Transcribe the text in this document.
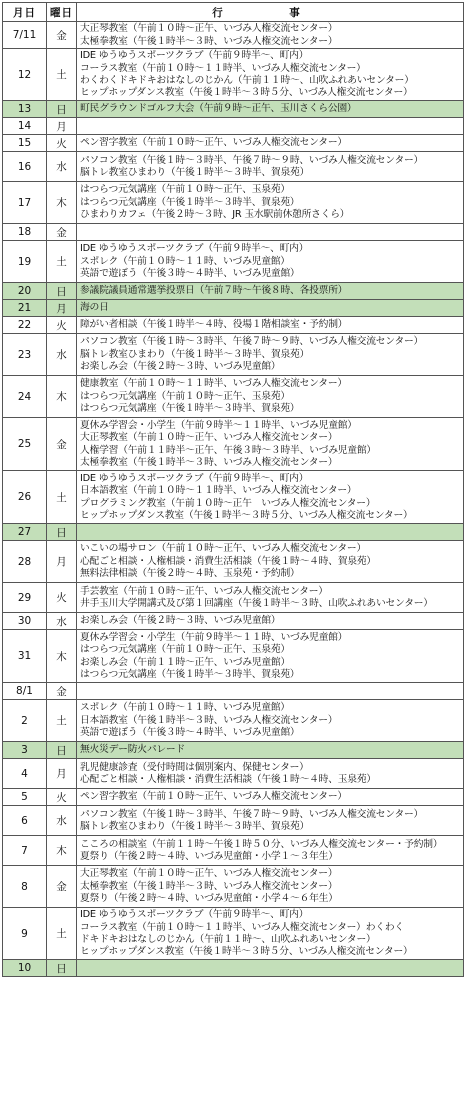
月日	曜日	行　事
7/11	金	大正琴教室（午前１０時〜正午、いづみ人権交流センター）
太極拳教室（午後１時半〜３時、いづみ人権交流センター）

12	土	IDE ゆうゆうスポーツクラブ（午前９時半〜、町内）
コーラス教室（午前１０時〜１１時半、いづみ人権交流センター）
わくわくドキドキおはなしのじかん（午前１１時〜、山吹ふれあいセンター）
ヒップホップダンス教室（午後１時半〜３時５分、いづみ人権交流センター）

13	日	町民グラウンドゴルフ大会（午前９時〜正午、玉川さくら公園）

14	月	
15	火	ペン習字教室（午前１０時〜正午、いづみ人権交流センター）

16	水	パソコン教室（午後１時〜３時半、午後７時〜９時、いづみ人権交流センター）
脳トレ教室ひまわり（午後１時半〜３時半、賀泉苑）

17	木	はつらつ元気講座（午前１０時〜正午、玉泉苑）
はつらつ元気講座（午後１時半〜３時半、賀泉苑）
ひまわりカフェ（午後２時〜３時、JR 玉水駅前休憩所さくら）

18	金	
19	土	IDE ゆうゆうスポーツクラブ（午前９時半〜、町内）
スポレク（午前１０時〜１１時、いづみ児童館）
英語で遊ぼう（午後３時〜４時半、いづみ児童館）

20	日	参議院議員通常選挙投票日（午前７時〜午後８時、各投票所）

21	月	海の日

22	火	障がい者相談（午後１時半〜４時、役場１階相談室・予約制）

23	水	パソコン教室（午後１時〜３時半、午後７時〜９時、いづみ人権交流センター）
脳トレ教室ひまわり（午後１時半〜３時半、賀泉苑）
お楽しみ会（午後２時〜３時、いづみ児童館）

24	木	健康教室（午前１０時〜１１時半、いづみ人権交流センター）
はつらつ元気講座（午前１０時〜正午、玉泉苑）
はつらつ元気講座（午後１時半〜３時半、賀泉苑）

25	金	夏休み学習会・小学生（午前９時半〜１１時半、いづみ児童館）
大正琴教室（午前１０時〜正午、いづみ人権交流センター）
人権学習（午前１１時半〜正午、午後３時〜３時半、いづみ児童館）
太極拳教室（午後１時半〜３時、いづみ人権交流センター）

26	土	IDE ゆうゆうスポーツクラブ（午前９時半〜、町内）
日本語教室（午前１０時〜１１時半、いづみ人権交流センター）
プログラミング教室（午前１０時〜正午　いづみ人権交流センター）
ヒップホップダンス教室（午後１時半〜３時５分、いづみ人権交流センター）

27	日	
28	月	いこいの場サロン（午前１０時〜正午、いづみ人権交流センター）
心配ごと相談・人権相談・消費生活相談（午後１時〜４時、賀泉苑）
無料法律相談（午後２時〜４時、玉泉苑・予約制）

29	火	手芸教室（午前１０時〜正午、いづみ人権交流センター）
井手玉川大学開講式及び第１回講座（午後１時半〜３時、山吹ふれあいセンター）

30	水	お楽しみ会（午後２時〜３時、いづみ児童館）

31	木	夏休み学習会・小学生（午前９時半〜１１時、いづみ児童館）
はつらつ元気講座（午前１０時〜正午、玉泉苑）
お楽しみ会（午前１１時〜正午、いづみ児童館）
はつらつ元気講座（午後１時半〜３時半、賀泉苑）

8/1	金	
2	土	スポレク（午前１０時〜１１時、いづみ児童館）
日本語教室（午後１時半〜３時、いづみ人権交流センター）
英語で遊ぼう（午後３時〜４時半、いづみ児童館）

3	日	無火災デー防火パレード

4	月	乳児健康診査（受付時間は個別案内、保健センター）
心配ごと相談・人権相談・消費生活相談（午後１時〜４時、玉泉苑）

5	火	ペン習字教室（午前１０時〜正午、いづみ人権交流センター）

6	水	パソコン教室（午後１時〜３時半、午後７時〜９時、いづみ人権交流センター）
脳トレ教室ひまわり（午後１時半〜３時半、賀泉苑）

7	木	こころの相談室（午前１１時〜午後１時５０分、いづみ人権交流センター・予約制）
夏祭り（午後２時〜４時、いづみ児童館・小学１〜３年生）

8	金	大正琴教室（午前１０時〜正午、いづみ人権交流センター）
太極拳教室（午後１時半〜３時、いづみ人権交流センター）
夏祭り（午後２時〜４時、いづみ児童館・小学４〜６年生）

9	土	IDE ゆうゆうスポーツクラブ（午前９時半〜、町内）
コーラス教室（午前１０時〜１１時半、いづみ人権交流センター）わくわく
ドキドキおはなしのじかん（午前１１時〜、山吹ふれあいセンター）
ヒップホップダンス教室（午後１時半〜３時５分、いづみ人権交流センター）

10	日	
